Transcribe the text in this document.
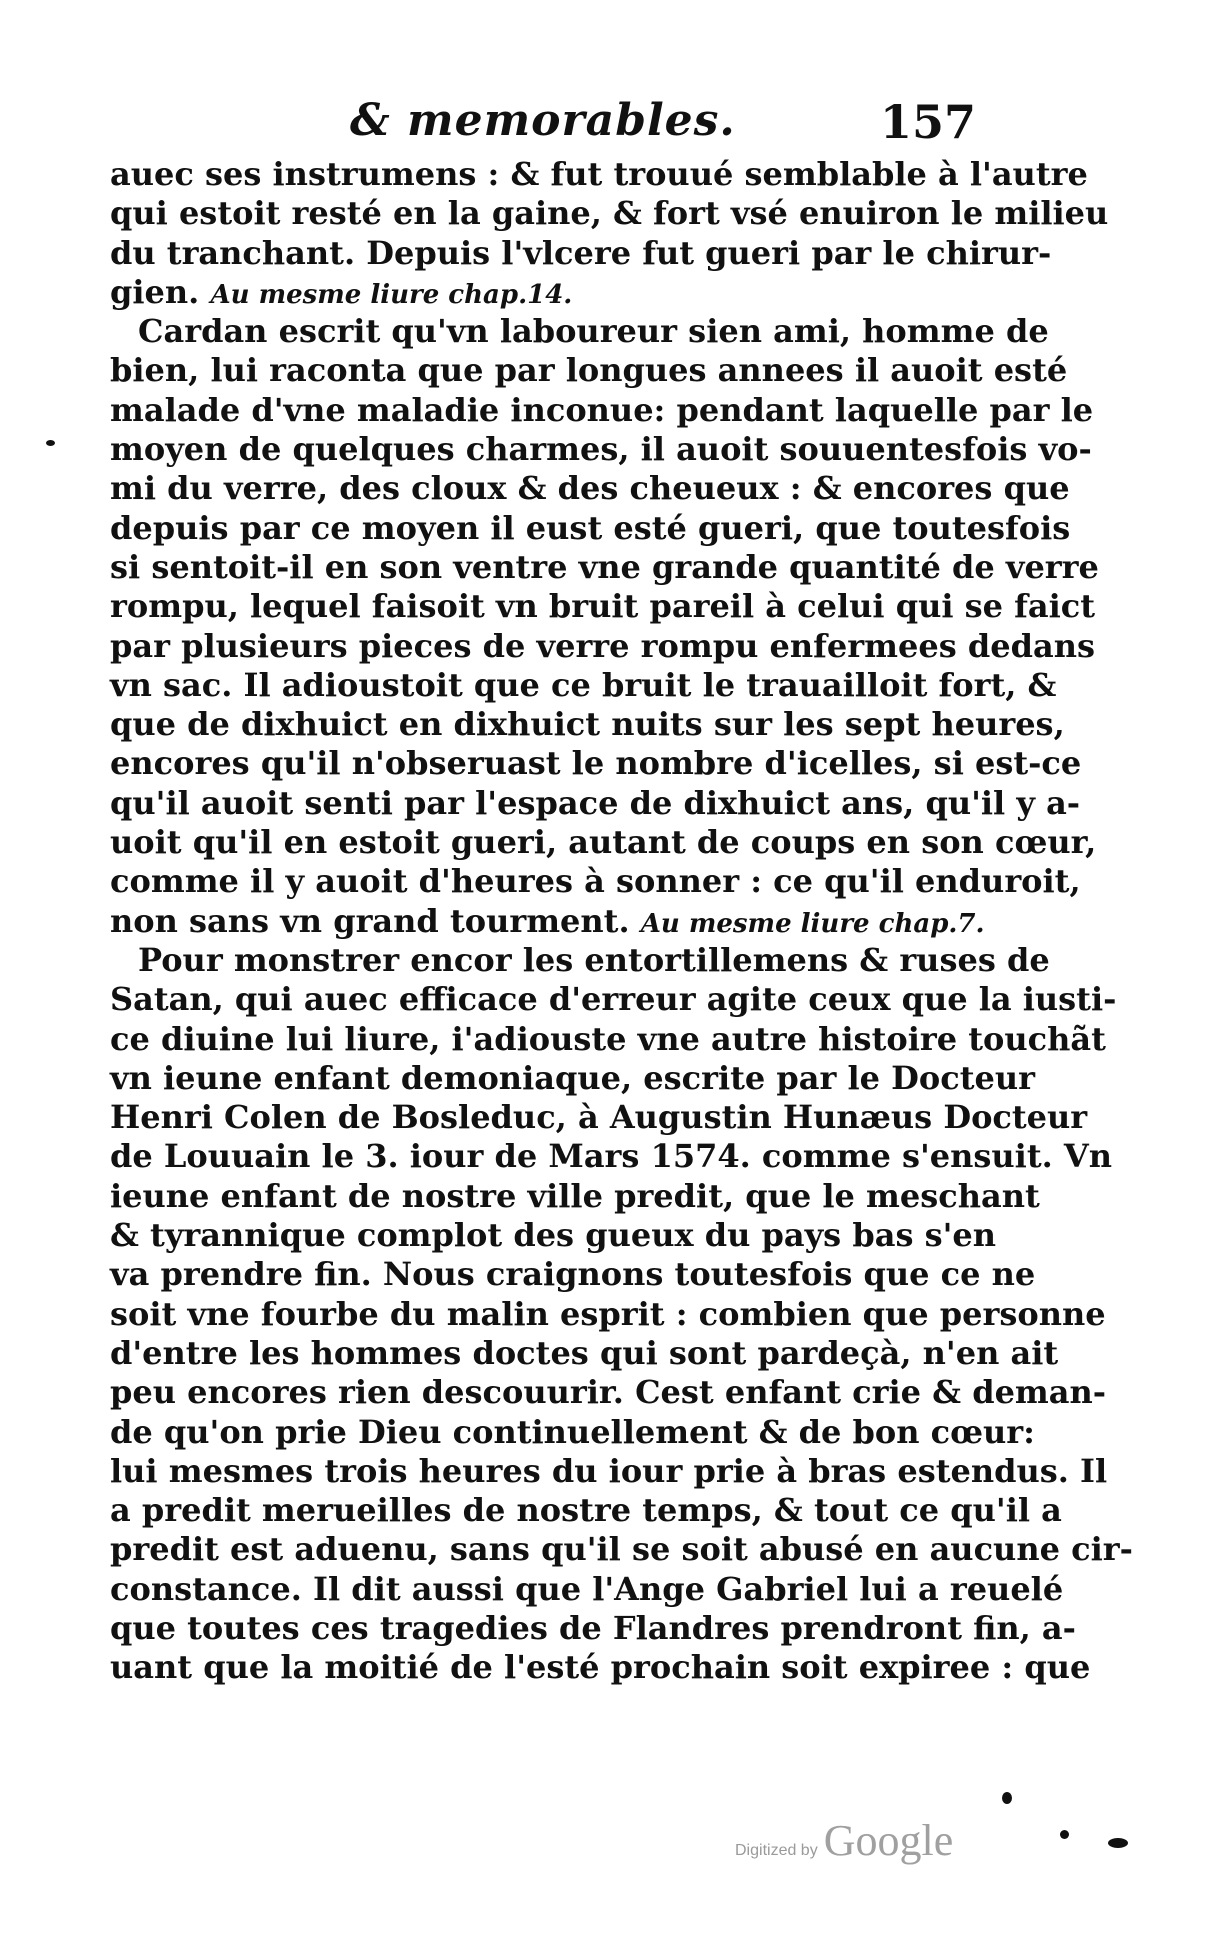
& memorables.	157
auec ses instrumens : & fut trouué semblable à l'autre
qui estoit resté en la gaine, & fort vsé enuiron le milieu
du tranchant. Depuis l'vlcere fut gueri par le chirur-
gien. Au mesme liure chap.14.
Cardan escrit qu'vn laboureur sien ami, homme de
bien, lui raconta que par longues annees il auoit esté
malade d'vne maladie inconue: pendant laquelle par le
moyen de quelques charmes, il auoit souuentesfois vo-
mi du verre, des cloux & des cheueux : & encores que
depuis par ce moyen il eust esté gueri, que toutesfois
si sentoit-il en son ventre vne grande quantité de verre
rompu, lequel faisoit vn bruit pareil à celui qui se faict
par plusieurs pieces de verre rompu enfermees dedans
vn sac. Il adioustoit que ce bruit le trauailloit fort, &
que de dixhuict en dixhuict nuits sur les sept heures,
encores qu'il n'obseruast le nombre d'icelles, si est-ce
qu'il auoit senti par l'espace de dixhuict ans, qu'il y a-
uoit qu'il en estoit gueri, autant de coups en son cœur,
comme il y auoit d'heures à sonner : ce qu'il enduroit,
non sans vn grand tourment. Au mesme liure chap.7.
Pour monstrer encor les entortillemens & ruses de
Satan, qui auec efficace d'erreur agite ceux que la iusti-
ce diuine lui liure, i'adiouste vne autre histoire touchãt
vn ieune enfant demoniaque, escrite par le Docteur
Henri Colen de Bosleduc, à Augustin Hunæus Docteur
de Louuain le 3. iour de Mars 1574. comme s'ensuit. Vn
ieune enfant de nostre ville predit, que le meschant
& tyrannique complot des gueux du pays bas s'en
va prendre fin. Nous craignons toutesfois que ce ne
soit vne fourbe du malin esprit : combien que personne
d'entre les hommes doctes qui sont pardeçà, n'en ait
peu encores rien descouurir. Cest enfant crie & deman-
de qu'on prie Dieu continuellement & de bon cœur:
lui mesmes trois heures du iour prie à bras estendus. Il
a predit merueilles de nostre temps, & tout ce qu'il a
predit est aduenu, sans qu'il se soit abusé en aucune cir-
constance. Il dit aussi que l'Ange Gabriel lui a reuelé
que toutes ces tragedies de Flandres prendront fin, a-
uant que la moitié de l'esté prochain soit expiree : que
Digitized by Google
